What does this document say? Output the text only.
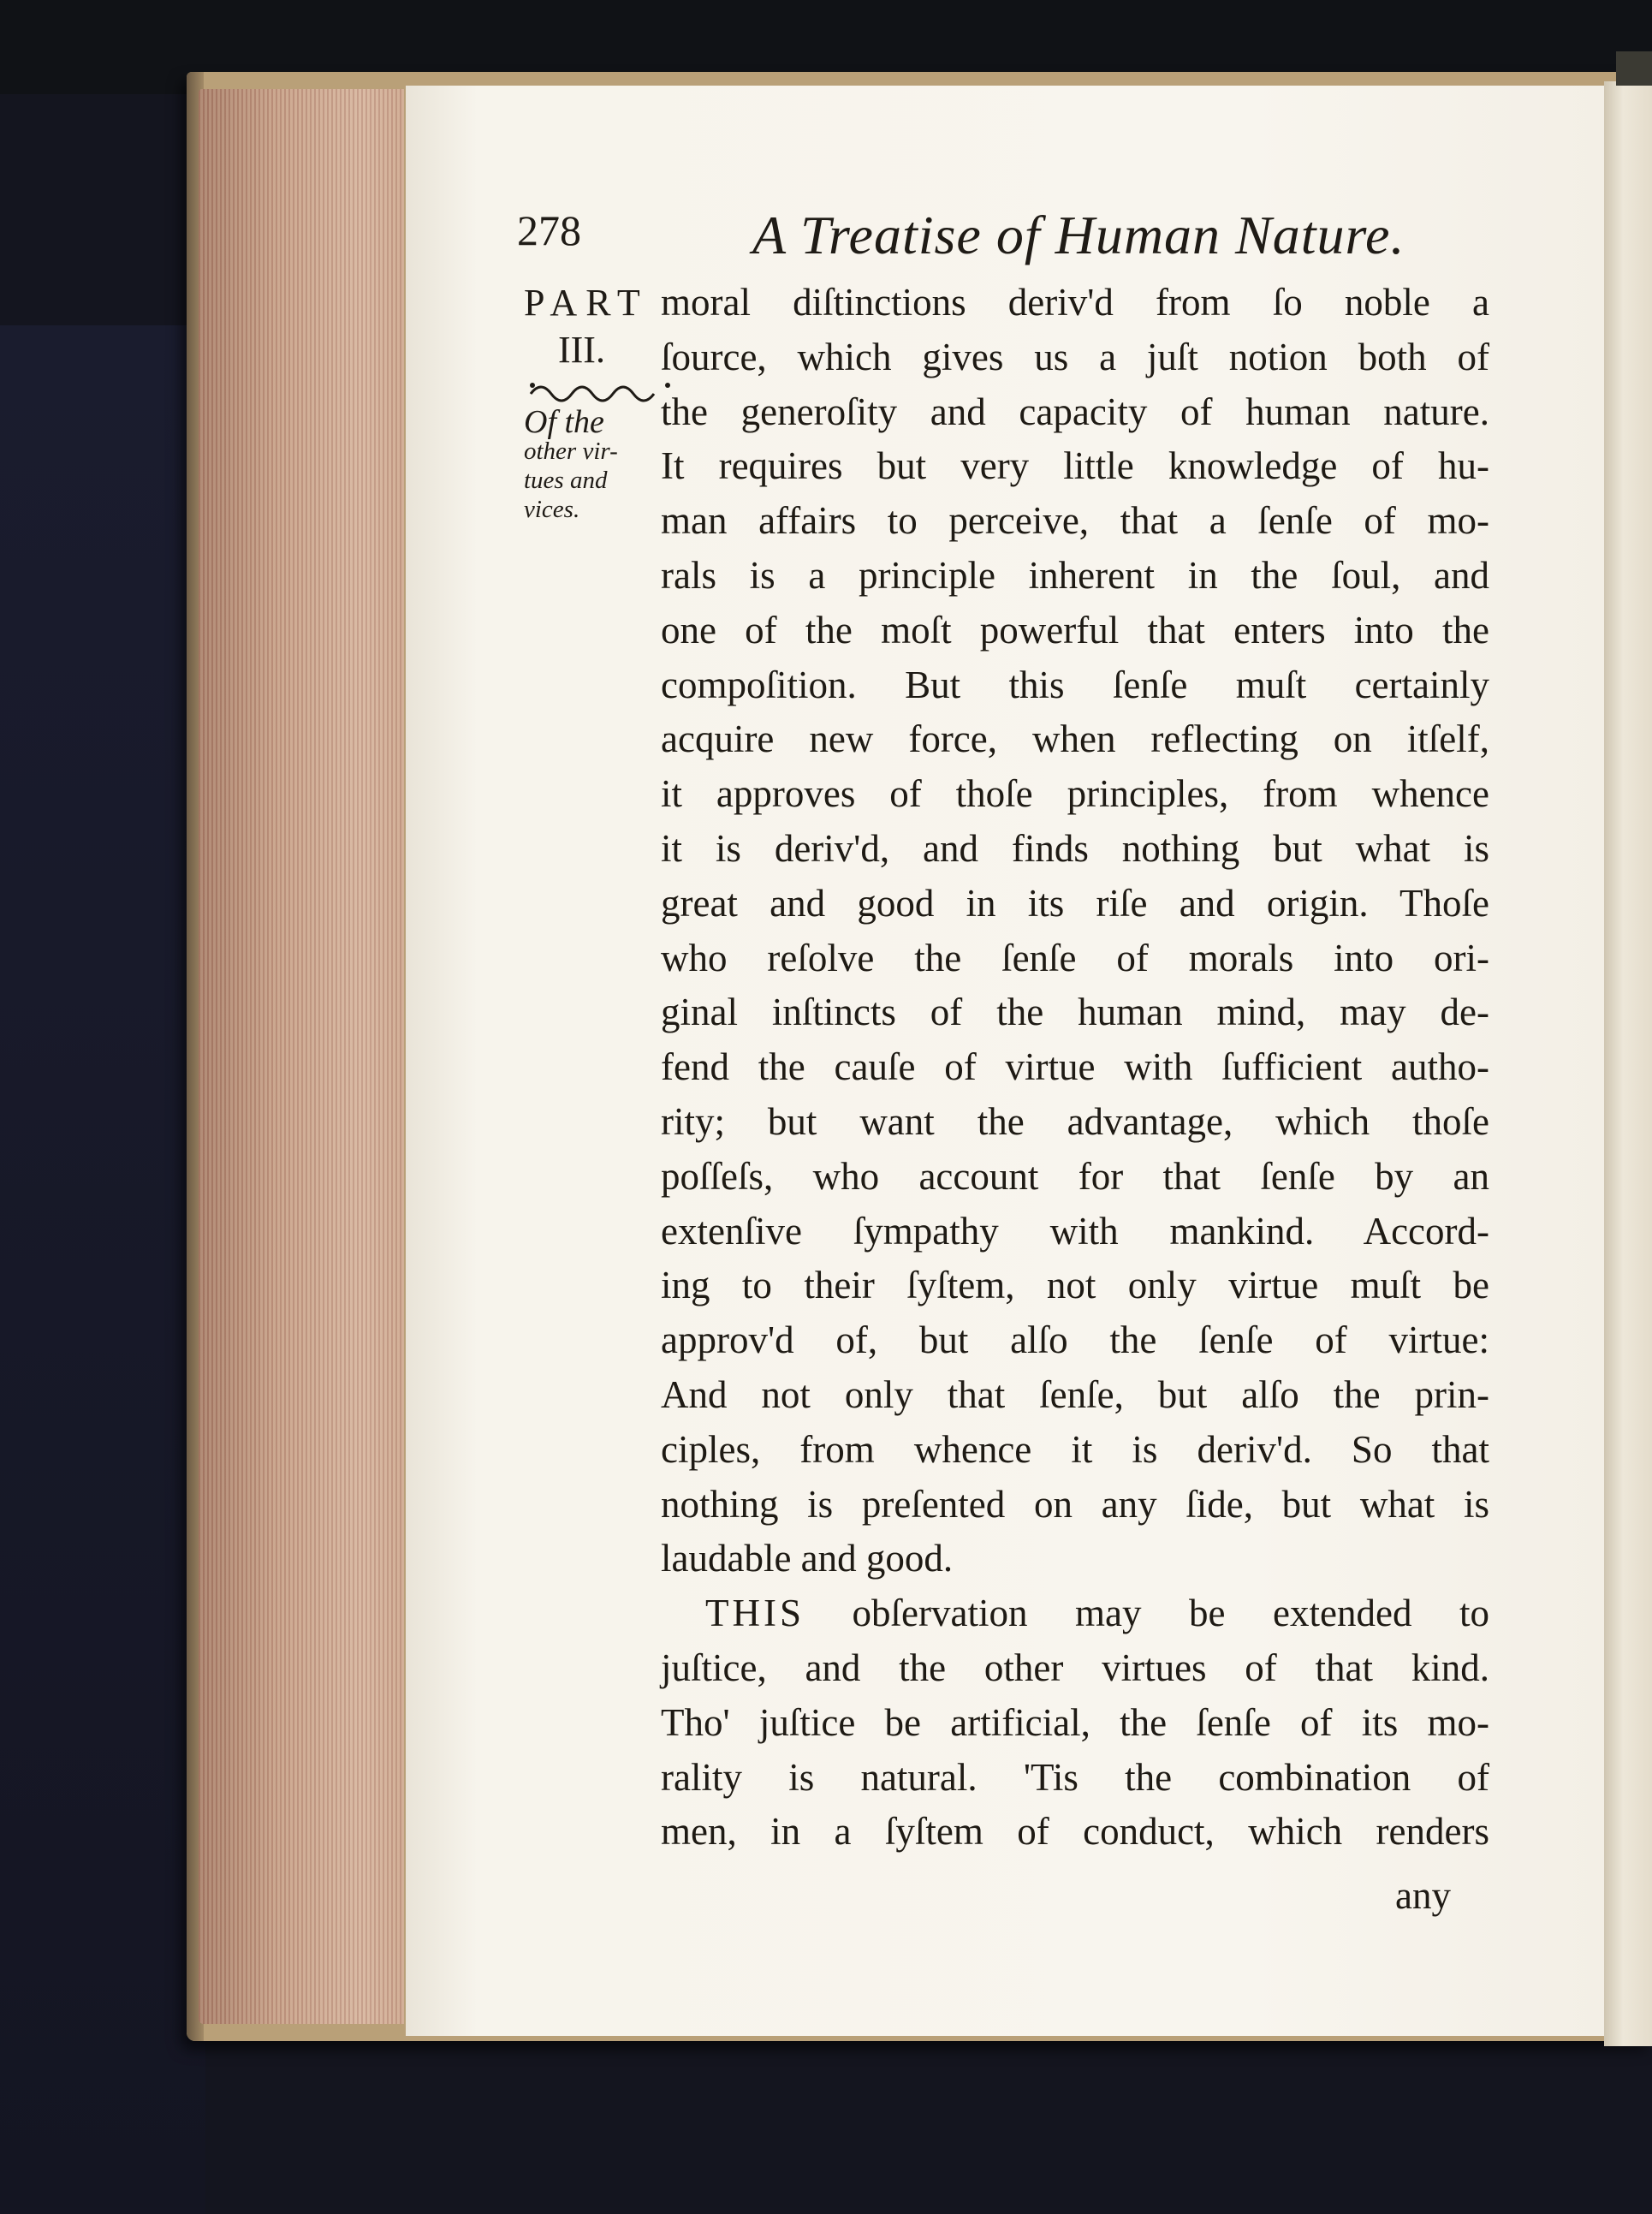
278	A Treatise of Human Nature.
PART
III.
Of the
other vir-
tues and
vices.
moral diſtinctions deriv'd from ſo noble a
ſource, which gives us a juſt notion both of
the generoſity and capacity of human nature.
It requires but very little knowledge of hu-
man affairs to perceive, that a ſenſe of mo-
rals is a principle inherent in the ſoul, and
one of the moſt powerful that enters into the
compoſition. But this ſenſe muſt certainly
acquire new force, when reflecting on itſelf,
it approves of thoſe principles, from whence
it is deriv'd, and finds nothing but what is
great and good in its riſe and origin. Thoſe
who reſolve the ſenſe of morals into ori-
ginal inſtincts of the human mind, may de-
fend the cauſe of virtue with ſufficient autho-
rity; but want the advantage, which thoſe
poſſeſs, who account for that ſenſe by an
extenſive ſympathy with mankind. Accord-
ing to their ſyſtem, not only virtue muſt be
approv'd of, but alſo the ſenſe of virtue:
And not only that ſenſe, but alſo the prin-
ciples, from whence it is deriv'd. So that
nothing is preſented on any ſide, but what is
laudable and good.
THIS obſervation may be extended to
juſtice, and the other virtues of that kind.
Tho' juſtice be artificial, the ſenſe of its mo-
rality is natural. 'Tis the combination of
men, in a ſyſtem of conduct, which renders
any
